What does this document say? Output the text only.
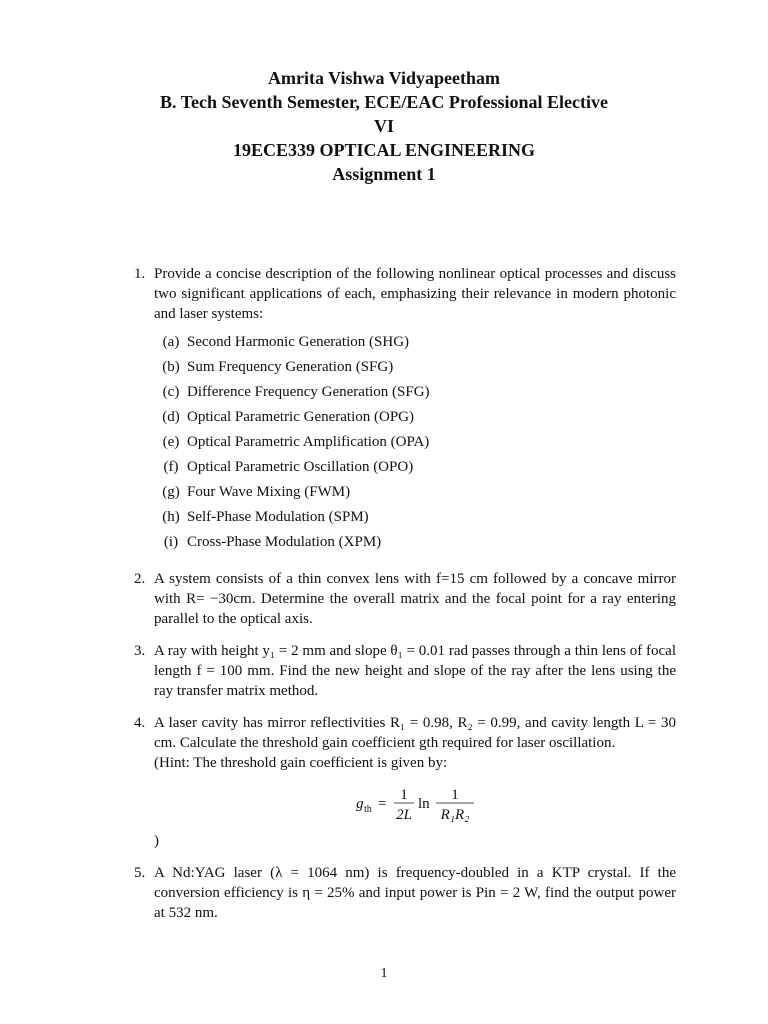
Amrita Vishwa Vidyapeetham
B. Tech Seventh Semester, ECE/EAC Professional Elective
VI
19ECE339 OPTICAL ENGINEERING
Assignment 1
1. Provide a concise description of the following nonlinear optical processes and discuss two significant applications of each, emphasizing their relevance in modern photonic and laser systems:
(a) Second Harmonic Generation (SHG)
(b) Sum Frequency Generation (SFG)
(c) Difference Frequency Generation (SFG)
(d) Optical Parametric Generation (OPG)
(e) Optical Parametric Amplification (OPA)
(f) Optical Parametric Oscillation (OPO)
(g) Four Wave Mixing (FWM)
(h) Self-Phase Modulation (SPM)
(i) Cross-Phase Modulation (XPM)
2. A system consists of a thin convex lens with f=15 cm followed by a concave mirror with R= −30cm. Determine the overall matrix and the focal point for a ray entering parallel to the optical axis.
3. A ray with height y₁ = 2 mm and slope θ₁ = 0.01 rad passes through a thin lens of focal length f = 100 mm. Find the new height and slope of the ray after the lens using the ray transfer matrix method.
4. A laser cavity has mirror reflectivities R₁ = 0.98, R₂ = 0.99, and cavity length L = 30 cm. Calculate the threshold gain coefficient gth required for laser oscillation.
(Hint: The threshold gain coefficient is given by:
g th =
1
2L
ln
1
R₁R₂
)
5. A Nd:YAG laser (λ = 1064 nm) is frequency-doubled in a KTP crystal. If the conversion efficiency is η = 25% and input power is Pin = 2 W, find the output power at 532 nm.
1
